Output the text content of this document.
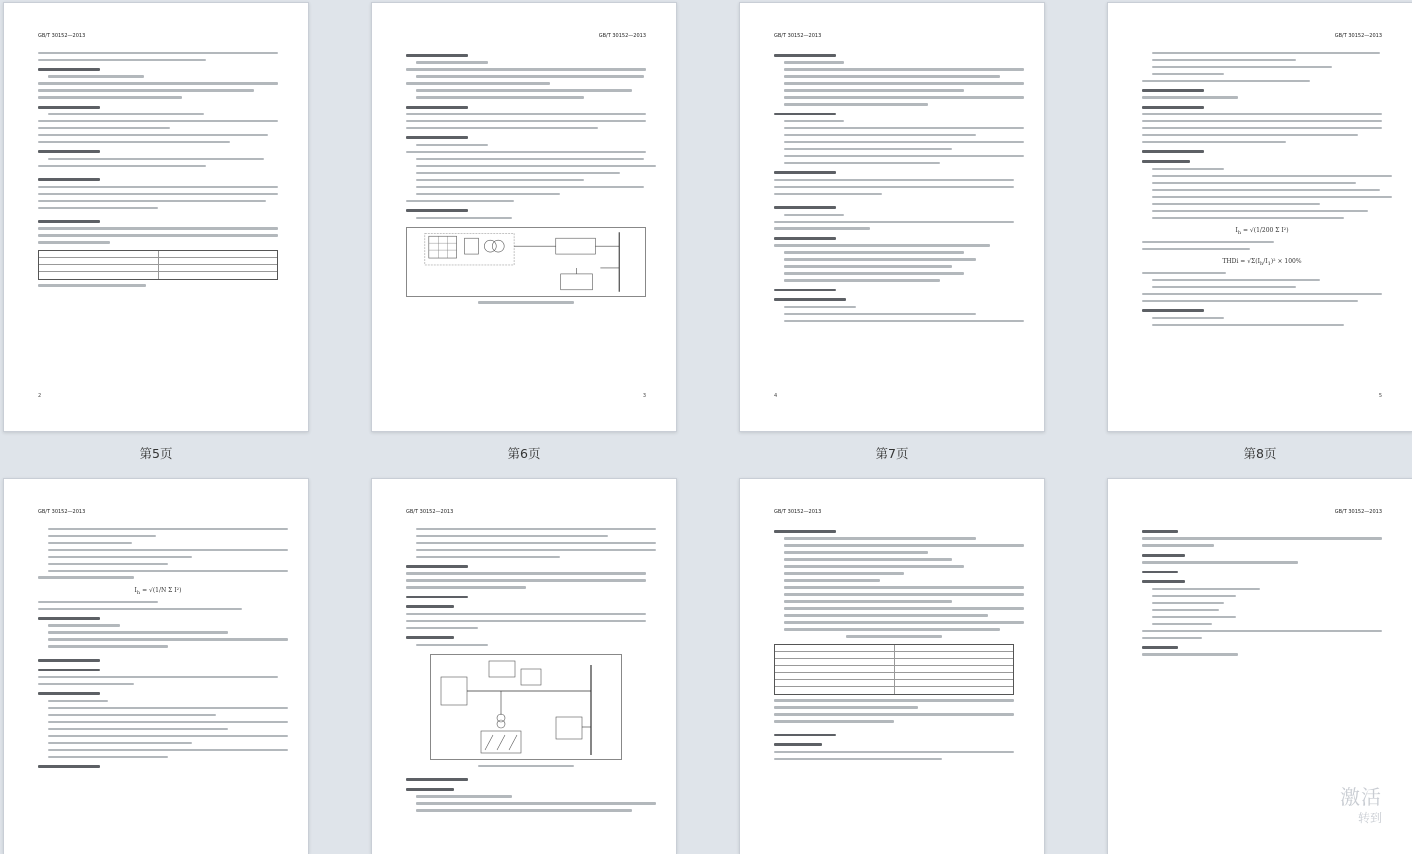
GB/T 30152—2013
2
GB/T 30152—2013
3
GB/T 30152—2013
4
GB/T 30152—2013
$I_h = √(1/200$ Σ I²)
THDi = $√\Sigma(I_h/I_1)^2 \times 100\%$
5
第5页	第6页	第7页	第8页
GB/T 30152—2013
$I_h = √(1/N$ Σ I²)
GB/T 30152—2013	GB/T 30152—2013	GB/T 30152—2013
激活
转到
